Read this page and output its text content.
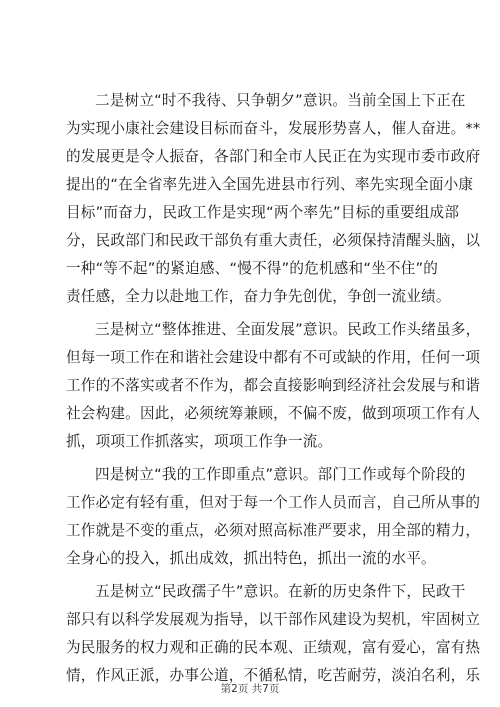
二是树立“时不我待、只争朝夕”意识。当前全国上下正在
为实现小康社会建设目标而奋斗，发展形势喜人，催人奋进。**
的发展更是令人振奋，各部门和全市人民正在为实现市委市政府
提出的“在全省率先进入全国先进县市行列、率先实现全面小康
目标”而奋力，民政工作是实现“两个率先”目标的重要组成部
分，民政部门和民政干部负有重大责任，必须保持清醒头脑，以
一种“等不起”的紧迫感、“慢不得”的危机感和“坐不住”的
责任感，全力以赴地工作，奋力争先创优，争创一流业绩。
三是树立“整体推进、全面发展”意识。民政工作头绪虽多，
但每一项工作在和谐社会建设中都有不可或缺的作用，任何一项
工作的不落实或者不作为，都会直接影响到经济社会发展与和谐
社会构建。因此，必须统筹兼顾，不偏不废，做到项项工作有人
抓，项项工作抓落实，项项工作争一流。
四是树立“我的工作即重点”意识。部门工作或每个阶段的
工作必定有轻有重，但对于每一个工作人员而言，自己所从事的
工作就是不变的重点，必须对照高标准严要求，用全部的精力，
全身心的投入，抓出成效，抓出特色，抓出一流的水平。
五是树立“民政孺子牛”意识。在新的历史条件下，民政干
部只有以科学发展观为指导，以干部作风建设为契机，牢固树立
为民服务的权力观和正确的民本观、正绩观，富有爱心，富有热
情，作风正派，办事公道，不循私情，吃苦耐劳，淡泊名利，乐
第2页 共7页
